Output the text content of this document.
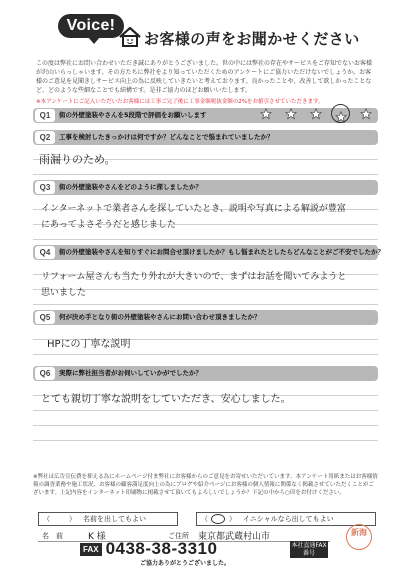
Voice!
お客様の声をお聞かせください
この度は弊社にお問い合わせいただき誠にありがとうございました。世の中には弊社の存在やサービスをご存知でないお客様が沢山いらっしゃいます。その方たちに弊社をより知っていただくためのアンケートにご協力いただけないでしょうか。お客様のご意見を見聞きしサービス向上の為に反映していきたいと考えております。良かったことや、改善して欲しかったことなど、どのような些細なことでも結構です。是非ご協力のほどお願いいたします。
※本アンケートにご記入いただいたお客様には工事ご完了後に工事金額税抜金額の2%をお値引させていただきます。
Q1	街の外壁塗装やさんを5段階で評価をお願いします
Q2	工事を検討したきっかけは何ですか？どんなことで悩まれていましたか？
雨漏りのため。
Q3	街の外壁塗装やさんをどのように探しましたか？
インターネットで業者さんを探していたとき、説明や写真による解説が豊富
にあってよさそうだと感じました
Q4	街の外壁塗装やさんを知りすぐにお問合せ頂けましたか？もし悩まれたとしたらどんなことがご不安でしたか？
リフォーム屋さんも当たり外れが大きいので、まずはお話を聞いてみようと
思いました
Q5	何が決め手となり街の外壁塗装やさんにお問い合わせ頂きましたか？
HPにの丁寧な説明
Q6	実際に弊社担当者がお伺いしていかがでしたか？
とても親切丁寧な説明をしていただき、安心しました。
※弊社は広告宣伝費を抑える為にホームページ付ま弊社にお客様からのご意見をお寄せいただいています。本アンケート用紙またはお客様情報の調査業務や施工状況、お客様の顧客満足度向上の為にブログや紹介ページにお客様の個人情報に関係なく掲載させていただくことがございます。上記内容をインターネット印刷物に掲載させて頂いてもよろしいでしょうか？下記の中から○印をお付けください。
（	） 名前を出してもよい	（ ○ ） イニシャルなら出してもよい
名　前	K 様	ご住所 東京都武蔵村山市
FAX 0438-38-3310	本社直通FAX番号
新海
ご協力ありがとうございました。
